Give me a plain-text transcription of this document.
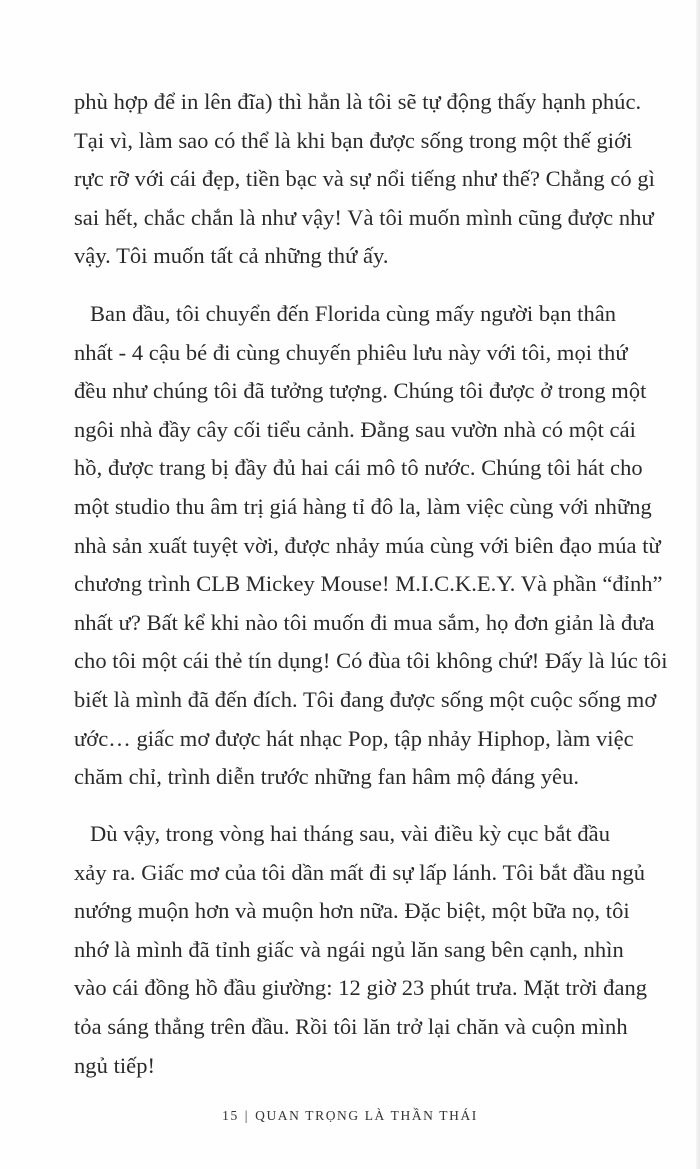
phù hợp để in lên đĩa) thì hẳn là tôi sẽ tự động thấy hạnh phúc.
Tại vì, làm sao có thể là khi bạn được sống trong một thế giới
rực rỡ với cái đẹp, tiền bạc và sự nổi tiếng như thế? Chẳng có gì
sai hết, chắc chắn là như vậy! Và tôi muốn mình cũng được như
vậy. Tôi muốn tất cả những thứ ấy.
Ban đầu, tôi chuyển đến Florida cùng mấy người bạn thân
nhất - 4 cậu bé đi cùng chuyến phiêu lưu này với tôi, mọi thứ
đều như chúng tôi đã tưởng tượng. Chúng tôi được ở trong một
ngôi nhà đầy cây cối tiểu cảnh. Đằng sau vườn nhà có một cái
hồ, được trang bị đầy đủ hai cái mô tô nước. Chúng tôi hát cho
một studio thu âm trị giá hàng tỉ đô la, làm việc cùng với những
nhà sản xuất tuyệt vời, được nhảy múa cùng với biên đạo múa từ
chương trình CLB Mickey Mouse! M.I.C.K.E.Y. Và phần “đỉnh”
nhất ư? Bất kể khi nào tôi muốn đi mua sắm, họ đơn giản là đưa
cho tôi một cái thẻ tín dụng! Có đùa tôi không chứ! Đấy là lúc tôi
biết là mình đã đến đích. Tôi đang được sống một cuộc sống mơ
ước… giấc mơ được hát nhạc Pop, tập nhảy Hiphop, làm việc
chăm chỉ, trình diễn trước những fan hâm mộ đáng yêu.
Dù vậy, trong vòng hai tháng sau, vài điều kỳ cục bắt đầu
xảy ra. Giấc mơ của tôi dần mất đi sự lấp lánh. Tôi bắt đầu ngủ
nướng muộn hơn và muộn hơn nữa. Đặc biệt, một bữa nọ, tôi
nhớ là mình đã tỉnh giấc và ngái ngủ lăn sang bên cạnh, nhìn
vào cái đồng hồ đầu giường: 12 giờ 23 phút trưa. Mặt trời đang
tỏa sáng thẳng trên đầu. Rồi tôi lăn trở lại chăn và cuộn mình
ngủ tiếp!
15 | QUAN TRỌNG LÀ THẦN THÁI
